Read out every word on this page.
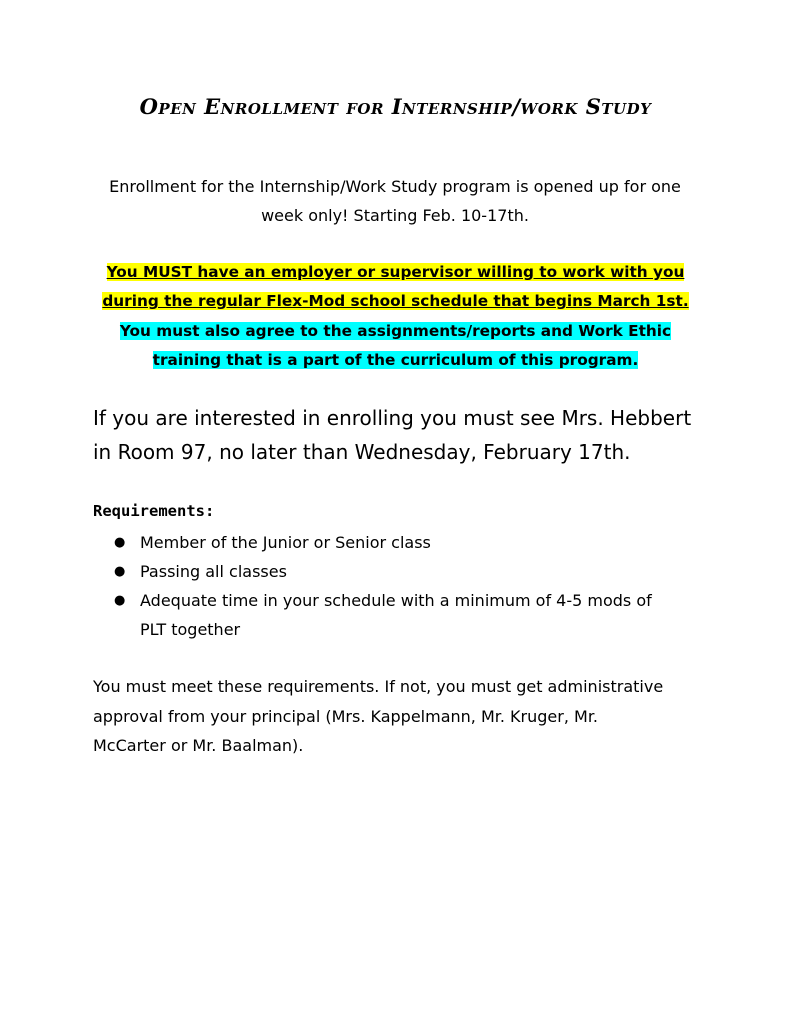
Open Enrollment for Internship/work Study
Enrollment for the Internship/Work Study program is opened up for one week only! Starting Feb. 10-17th.
You MUST have an employer or supervisor willing to work with you during the regular Flex-Mod school schedule that begins March 1st. You must also agree to the assignments/reports and Work Ethic training that is a part of the curriculum of this program.
If you are interested in enrolling you must see Mrs. Hebbert in Room 97, no later than Wednesday, February 17th.
Requirements:
● Member of the Junior or Senior class
● Passing all classes
● Adequate time in your schedule with a minimum of 4-5 mods of PLT together
You must meet these requirements. If not, you must get administrative approval from your principal (Mrs. Kappelmann, Mr. Kruger, Mr. McCarter or Mr. Baalman).
